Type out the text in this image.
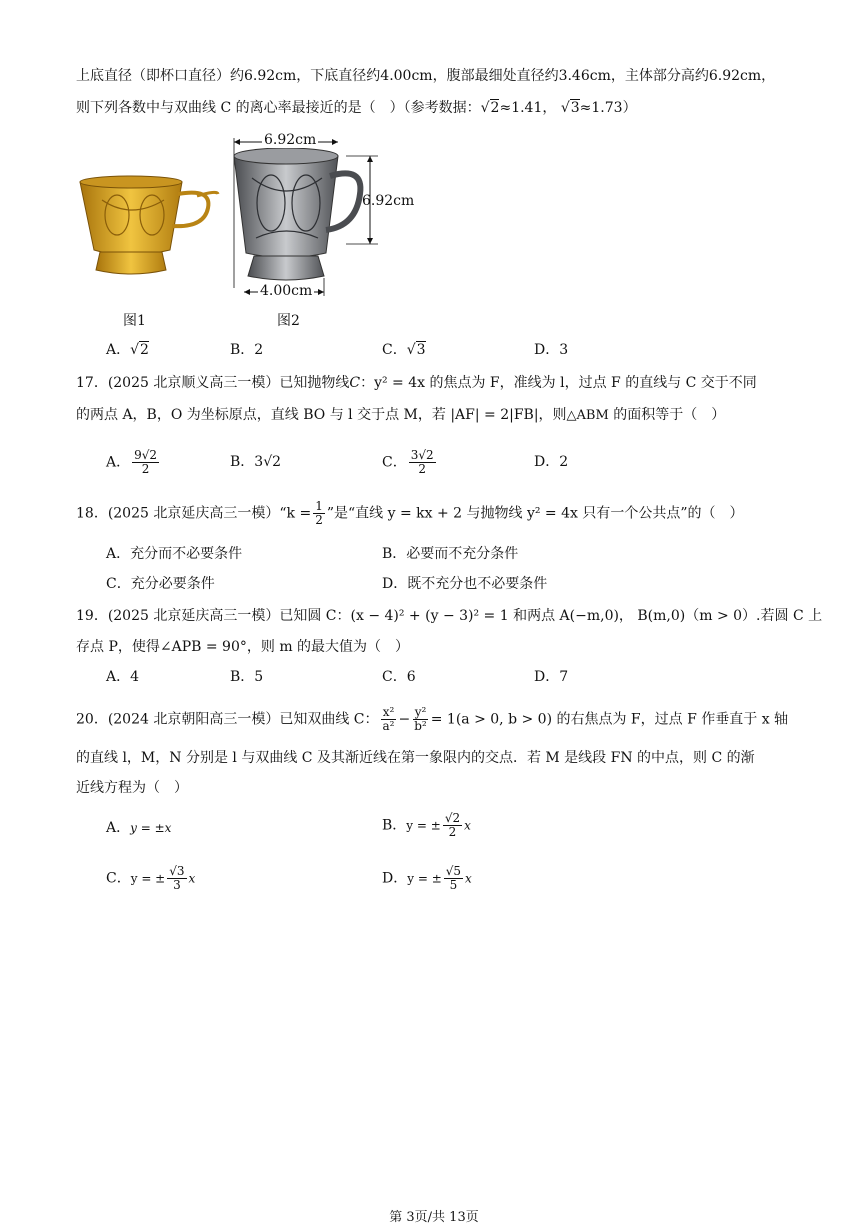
上底直径（即杯口直径）约6.92cm，下底直径约4.00cm，腹部最细处直径约3.46cm，主体部分高约6.92cm，
则下列各数中与双曲线 C 的离心率最接近的是（　）（参考数据：√2≈1.41， √3≈1.73）
6.92cm
6.92cm
4.00cm
图1	图2
A．√2	B．2	C．√3	D．3
17．(2025 北京顺义高三一模）已知抛物线C：y² = 4x 的焦点为 F，准线为 l，过点 F 的直线与 C 交于不同
的两点 A，B，O 为坐标原点，直线 BO 与 l 交于点 M，若 |AF| = 2|FB|，则△ABM 的面积等于（　）
A． $\frac{9√2}{2}$	B．3√2	C． $\frac{3√2}{2}$	D．2
18．(2025 北京延庆高三一模）“k = $\frac{1}{2}$ ”是“直线 y = kx + 2 与抛物线 y² = 4x 只有一个公共点”的（　）
A．充分而不必要条件	B．必要而不充分条件
C．充分必要条件	D．既不充分也不必要条件
19．(2025 北京延庆高三一模）已知圆 C：(x − 4)² + (y − 3)² = 1 和两点 A(−m,0)， B(m,0)（m > 0）.若圆 C 上
存点 P，使得∠APB = 90°，则 m 的最大值为（　）
A．4	B．5	C．6	D．7
20．(2024 北京朝阳高三一模）已知双曲线 C： $\frac{\text{x²}}{\text{a²}} - \frac{\text{y²}}{\text{b²}} = 1(a > 0$, b > 0) 的右焦点为 F，过点 F 作垂直于 x 轴
的直线 l，M，N 分别是 l 与双曲线 C 及其渐近线在第一象限内的交点．若 M 是线段 FN 的中点，则 C 的渐
近线方程为（　）
A．y = ±x	B．y = ± $\frac{√2}{2}$ x
C．y = ± $\frac{√3}{3}$ x	D．y = ± $\frac{√5}{5}$ x
第 3页/共 13页
